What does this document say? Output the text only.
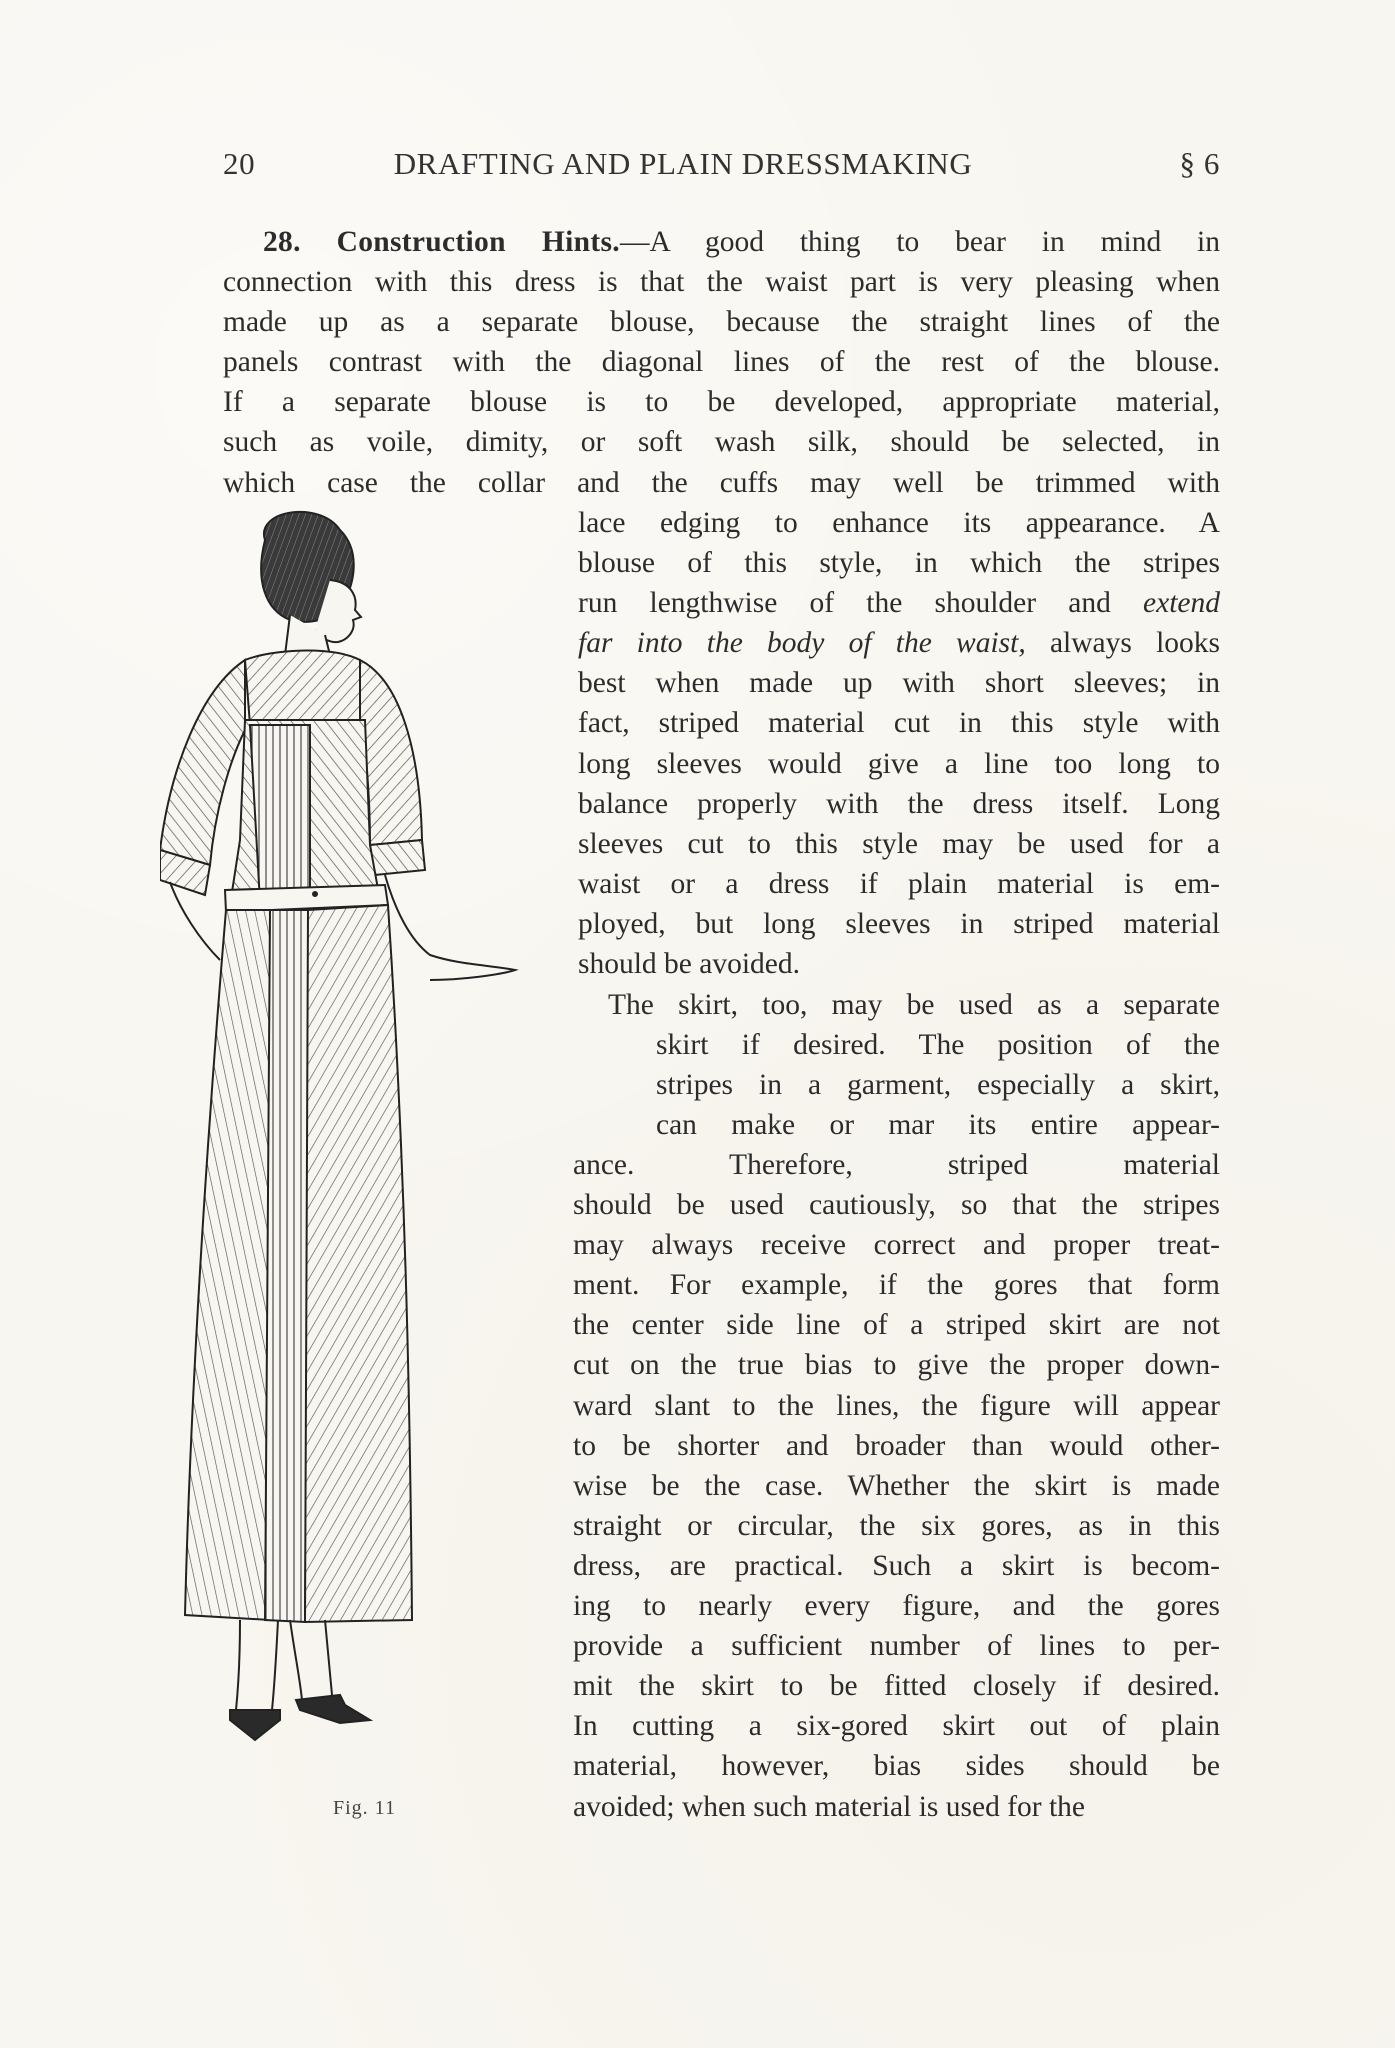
20	DRAFTING AND PLAIN DRESSMAKING	§ 6
28. Construction Hints.—A good thing to bear in mind in
connection with this dress is that the waist part is very pleasing when
made up as a separate blouse, because the straight lines of the
panels contrast with the diagonal lines of the rest of the blouse.
If a separate blouse is to be developed, appropriate material,
such as voile, dimity, or soft wash silk, should be selected, in
which case the collar and the cuffs may well be trimmed with
lace edging to enhance its appearance. A
blouse of this style, in which the stripes
run lengthwise of the shoulder and extend
far into the body of the waist, always looks
best when made up with short sleeves; in
fact, striped material cut in this style with
long sleeves would give a line too long to
balance properly with the dress itself. Long
sleeves cut to this style may be used for a
waist or a dress if plain material is em-
ployed, but long sleeves in striped material
should be avoided.
The skirt, too, may be used as a separate
skirt if desired. The position of the
stripes in a garment, especially a skirt,
can make or mar its entire appear-
ance. Therefore, striped material
should be used cautiously, so that the stripes
may always receive correct and proper treat-
ment. For example, if the gores that form
the center side line of a striped skirt are not
cut on the true bias to give the proper down-
ward slant to the lines, the figure will appear
to be shorter and broader than would other-
wise be the case. Whether the skirt is made
straight or circular, the six gores, as in this
dress, are practical. Such a skirt is becom-
ing to nearly every figure, and the gores
provide a sufficient number of lines to per-
mit the skirt to be fitted closely if desired.
In cutting a six-gored skirt out of plain
material, however, bias sides should be
avoided; when such material is used for the
Fig. 11
